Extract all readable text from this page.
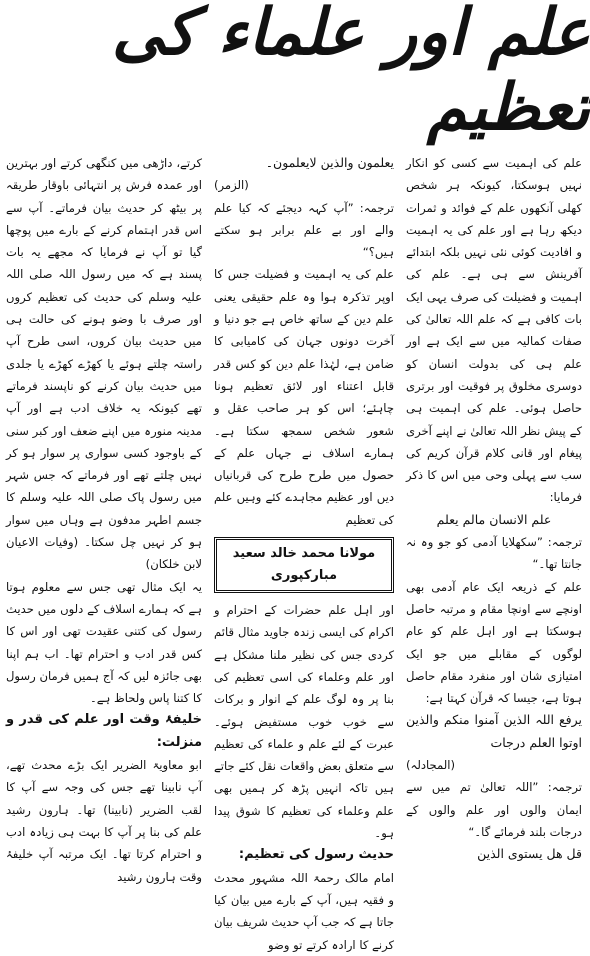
علم اور علماء کی تعظیم

علم کی اہمیت سے کسی کو انکار نہیں ہوسکتا، کیونکہ ہر شخص کھلی آنکھوں علم کے فوائد و ثمرات دیکھ رہا ہے اور علم کی یہ اہمیت و افادیت کوئی نئی نہیں بلکہ ابتدائے آفرینش سے ہی ہے۔ علم کی اہمیت و فضیلت کی صرف یہی ایک بات کافی ہے کہ علم اللہ تعالیٰ کی صفات کمالیہ میں سے ایک ہے اور علم ہی کی بدولت انسان کو دوسری مخلوق پر فوقیت اور برتری حاصل ہوئی۔ علم کی اہمیت ہی کے پیش نظر اللہ تعالیٰ نے اپنے آخری پیغام اور قانی کلام قرآن کریم کی سب سے پہلی وحی میں اس کا ذکر فرمایا:

علم الانسان مالم یعلم

ترجمہ: ”سکھلایا آدمی کو جو وہ نہ جانتا تھا۔“

علم کے ذریعہ ایک عام آدمی بھی اونچے سے اونچا مقام و مرتبہ حاصل ہوسکتا ہے اور اہل علم کو عام لوگوں کے مقابلے میں جو ایک امتیازی شان اور منفرد مقام حاصل ہوتا ہے، جیسا کہ قرآن کہتا ہے:

یرفع اللہ الذین آمنوا منکم والذین اوتوا العلم درجات

(المجادلہ)

ترجمہ: ”اللہ تعالیٰ تم میں سے ایمان والوں اور علم والوں کے درجات بلند فرمائے گا۔“

قل ھل یستوی الذین

یعلمون والذین لایعلمون۔

(الزمر)

ترجمہ: ”آپ کہہ دیجئے کہ کیا علم والے اور بے علم برابر ہو سکتے ہیں؟“

علم کی یہ اہمیت و فضیلت جس کا اوپر تذکرہ ہوا وہ علم حقیقی یعنی علم دین کے ساتھ خاص ہے جو دنیا و آخرت دونوں جہان کی کامیابی کا ضامن ہے، لہٰذا علم دین کو کس قدر قابل اعتناء اور لائق تعظیم ہونا چاہئے؛ اس کو ہر صاحب عقل و شعور شخص سمجھ سکتا ہے۔ ہمارے اسلاف نے جہاں علم کے حصول میں طرح طرح کی قربانیاں دیں اور عظیم مجاہدے کئے وہیں علم کی تعظیم

مولانا محمد خالد سعید مبارکپوری

اور اہل علم حضرات کے احترام و اکرام کی ایسی زندہ جاوید مثال قائم کردی جس کی نظیر ملنا مشکل ہے اور علم وعلماء کی اسی تعظیم کی بنا پر وہ لوگ علم کے انوار و برکات سے خوب خوب مستفیض ہوئے۔ عبرت کے لئے علم و علماء کی تعظیم سے متعلق بعض واقعات نقل کئے جاتے ہیں تاکہ انہیں پڑھ کر ہمیں بھی علم وعلماء کی تعظیم کا شوق پیدا ہو۔

حدیث رسول کی تعظیم:

امام مالک رحمۃ اللہ مشہور محدث و فقیہ ہیں، آپ کے بارے میں بیان کیا جاتا ہے کہ جب آپ حدیث شریف بیان کرنے کا ارادہ کرتے تو وضو

کرتے، داڑھی میں کنگھی کرتے اور بہترین اور عمدہ فرش پر انتہائی باوقار طریقہ پر بیٹھ کر حدیث بیان فرماتے۔ آپ سے اس قدر اہتمام کرنے کے بارے میں پوچھا گیا تو آپ نے فرمایا کہ مجھے یہ بات پسند ہے کہ میں رسول اللہ صلی اللہ علیہ وسلم کی حدیث کی تعظیم کروں اور صرف با وضو ہونے کی حالت ہی میں حدیث بیان کروں، اسی طرح آپ راستہ چلتے ہوئے یا کھڑے کھڑے یا جلدی میں حدیث بیان کرنے کو ناپسند فرماتے تھے کیونکہ یہ خلاف ادب ہے اور آپ مدینہ منورہ میں اپنے ضعف اور کبر سنی کے باوجود کسی سواری پر سوار ہو کر نہیں چلتے تھے اور فرماتے کہ جس شہر میں رسول پاک صلی اللہ علیہ وسلم کا جسم اطہر مدفون ہے وہاں میں سوار ہو کر نہیں چل سکتا۔ (وفیات الاعیان لابن خلکان)

یہ ایک مثال تھی جس سے معلوم ہوتا ہے کہ ہمارے اسلاف کے دلوں میں حدیث رسول کی کتنی عقیدت تھی اور اس کا کس قدر ادب و احترام تھا۔ اب ہم اپنا بھی جائزہ لیں کہ آج ہمیں فرمان رسول کا کتنا پاس ولحاظ ہے۔

خلیفۂ وقت اور علم کی قدر و منزلت:

ابو معاویۃ الضریر ایک بڑے محدث تھے، آپ نابینا تھے جس کی وجہ سے آپ کا لقب الضریر (نابینا) تھا۔ ہارون رشید علم کی بنا پر آپ کا بہت ہی زیادہ ادب و احترام کرتا تھا۔ ایک مرتبہ آپ خلیفۂ وقت ہارون رشید
